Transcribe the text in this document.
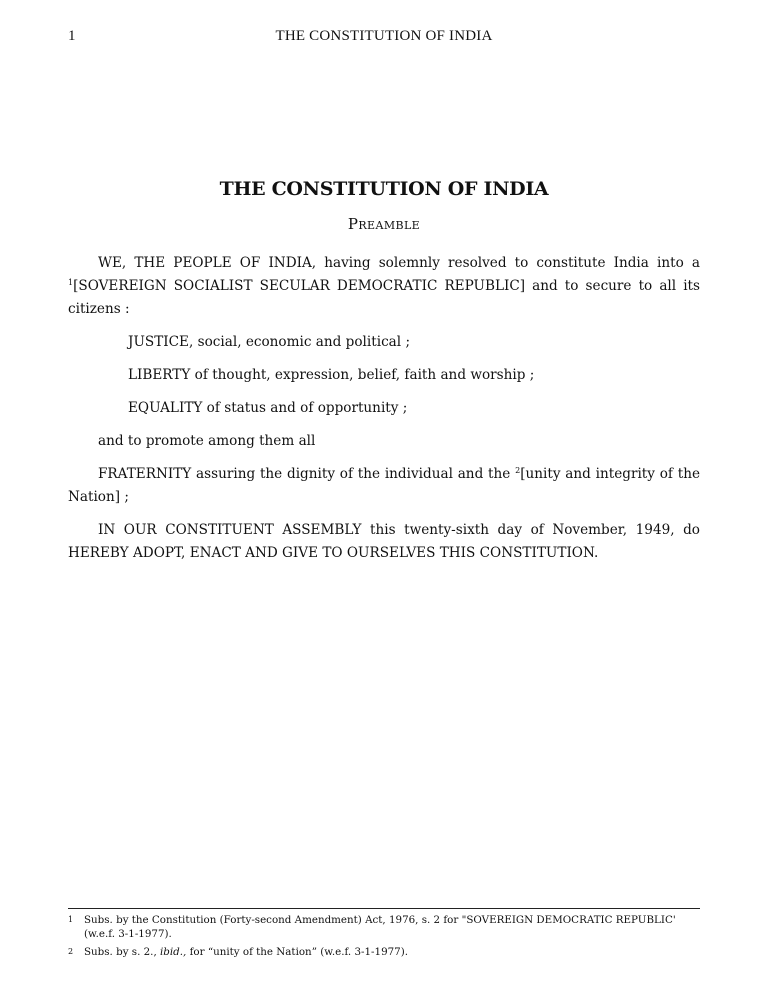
1	THE CONSTITUTION OF INDIA
THE CONSTITUTION OF INDIA
Preamble

WE, THE PEOPLE OF INDIA, having solemnly resolved to constitute India into a $^1$[SOVEREIGN SOCIALIST SECULAR DEMOCRATIC REPUBLIC] and to secure to all its citizens :

JUSTICE, social, economic and political ;

LIBERTY of thought, expression, belief, faith and worship ;

EQUALITY of status and of opportunity ;

and to promote among them all

FRATERNITY assuring the dignity of the individual and the $^2$[unity and integrity of the Nation] ;

IN OUR CONSTITUENT ASSEMBLY this twenty-sixth day of November, 1949, do HEREBY ADOPT, ENACT AND GIVE TO OURSELVES THIS CONSTITUTION.

1	Subs. by the Constitution (Forty-second Amendment) Act, 1976, s. 2 for "SOVEREIGN DEMOCRATIC REPUBLIC' (w.e.f. 3-1-1977).
2	Subs. by s. 2., ibid., for “unity of the Nation” (w.e.f. 3-1-1977).
